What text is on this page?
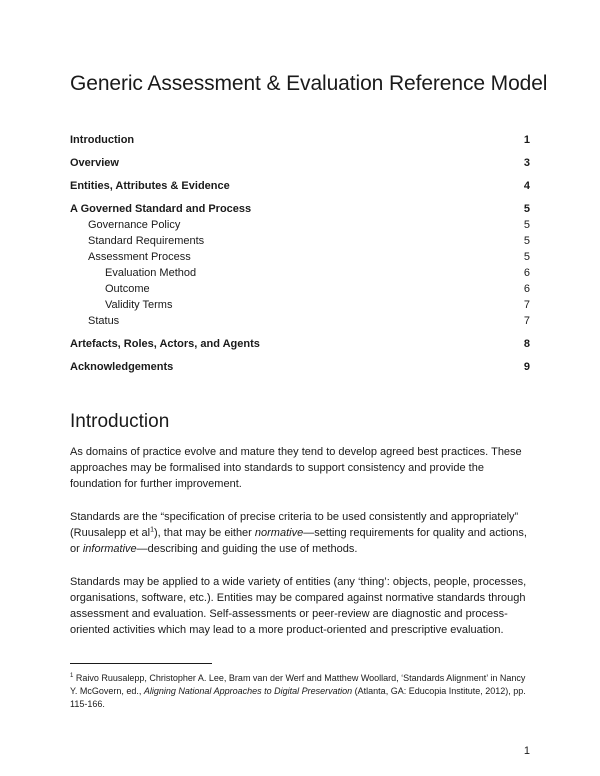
Generic Assessment & Evaluation Reference Model
Introduction	1
Overview	3
Entities, Attributes & Evidence	4
A Governed Standard and Process	5
Governance Policy	5
Standard Requirements	5
Assessment Process	5
Evaluation Method	6
Outcome	6
Validity Terms	7
Status	7
Artefacts, Roles, Actors, and Agents	8
Acknowledgements	9
Introduction

As domains of practice evolve and mature they tend to develop agreed best practices. These approaches may be formalised into standards to support consistency and provide the foundation for further improvement.

Standards are the “specification of precise criteria to be used consistently and appropriately” (Ruusalepp et $al^1$), that may be either normative—setting requirements for quality and actions, or informative—describing and guiding the use of methods.

Standards may be applied to a wide variety of entities (any ‘thing’: objects, people, processes, organisations, software, etc.). Entities may be compared against normative standards through assessment and evaluation. Self-assessments or peer-review are diagnostic and process-oriented activities which may lead to a more product-oriented and prescriptive evaluation.

$^1$ Raivo Ruusalepp, Christopher A. Lee, Bram van der Werf and Matthew Woollard, ‘Standards Alignment’ in Nancy Y. McGovern, ed., Aligning National Approaches to Digital Preservation (Atlanta, GA: Educopia Institute, 2012), pp. 115-166.
1
